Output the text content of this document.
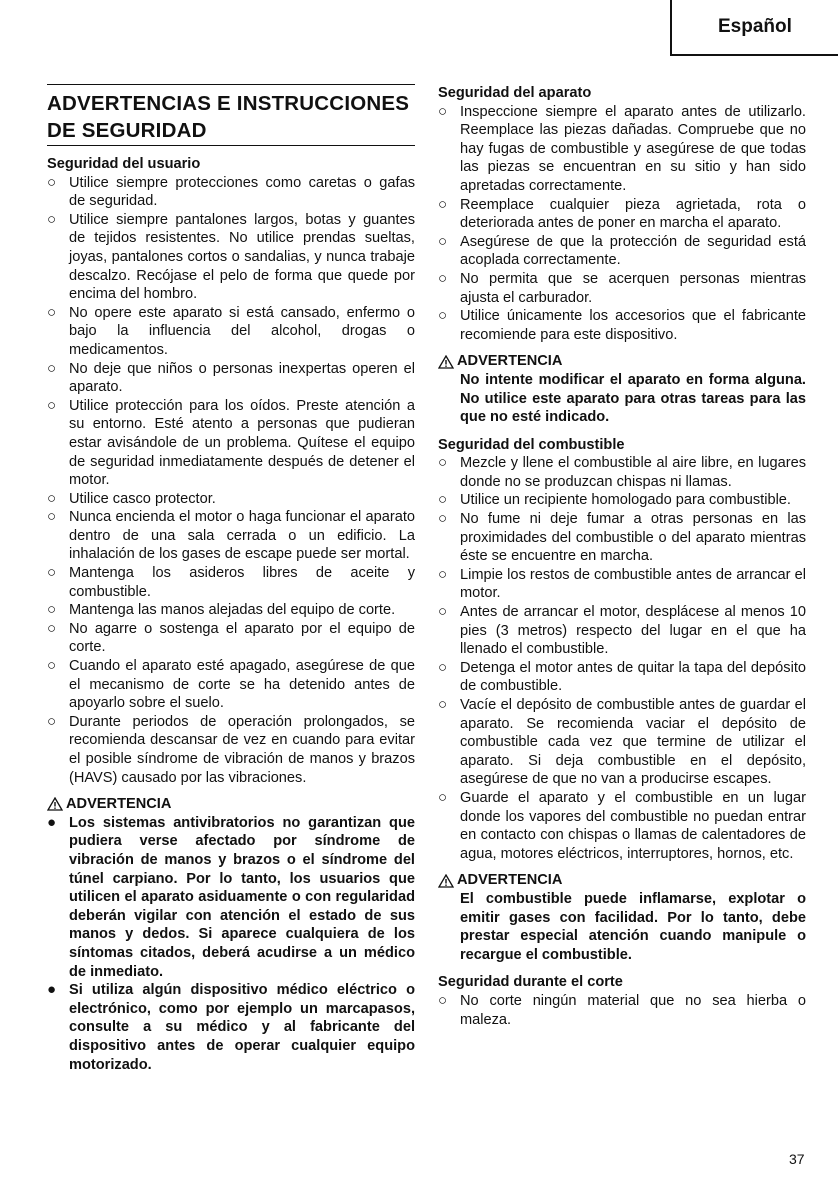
Español
ADVERTENCIAS E INSTRUCCIONES DE SEGURIDAD
Seguridad del usuario
○ Utilice siempre protecciones como caretas o gafas de seguridad.
○ Utilice siempre pantalones largos, botas y guantes de tejidos resistentes. No utilice prendas sueltas, joyas, pantalones cortos o sandalias, y nunca trabaje descalzo. Recójase el pelo de forma que quede por encima del hombro.
○ No opere este aparato si está cansado, enfermo o bajo la influencia del alcohol, drogas o medicamentos.
○ No deje que niños o personas inexpertas operen el aparato.
○ Utilice protección para los oídos. Preste atención a su entorno. Esté atento a personas que pudieran estar avisándole de un problema. Quítese el equipo de seguridad inmediatamente después de detener el motor.
○ Utilice casco protector.
○ Nunca encienda el motor o haga funcionar el aparato dentro de una sala cerrada o un edificio. La inhalación de los gases de escape puede ser mortal.
○ Mantenga los asideros libres de aceite y combustible.
○ Mantenga las manos alejadas del equipo de corte.
○ No agarre o sostenga el aparato por el equipo de corte.
○ Cuando el aparato esté apagado, asegúrese de que el mecanismo de corte se ha detenido antes de apoyarlo sobre el suelo.
○ Durante periodos de operación prolongados, se recomienda descansar de vez en cuando para evitar el posible síndrome de vibración de manos y brazos (HAVS) causado por las vibraciones.
ADVERTENCIA
● Los sistemas antivibratorios no garantizan que pudiera verse afectado por síndrome de vibración de manos y brazos o el síndrome del túnel carpiano. Por lo tanto, los usuarios que utilicen el aparato asiduamente o con regularidad deberán vigilar con atención el estado de sus manos y dedos. Si aparece cualquiera de los síntomas citados, deberá acudirse a un médico de inmediato.
● Si utiliza algún dispositivo médico eléctrico o electrónico, como por ejemplo un marcapasos, consulte a su médico y al fabricante del dispositivo antes de operar cualquier equipo motorizado.
Seguridad del aparato
○ Inspeccione siempre el aparato antes de utilizarlo. Reemplace las piezas dañadas. Compruebe que no hay fugas de combustible y asegúrese de que todas las piezas se encuentran en su sitio y han sido apretadas correctamente.
○ Reemplace cualquier pieza agrietada, rota o deteriorada antes de poner en marcha el aparato.
○ Asegúrese de que la protección de seguridad está acoplada correctamente.
○ No permita que se acerquen personas mientras ajusta el carburador.
○ Utilice únicamente los accesorios que el fabricante recomiende para este dispositivo.
ADVERTENCIA
No intente modificar el aparato en forma alguna. No utilice este aparato para otras tareas para las que no esté indicado.
Seguridad del combustible
○ Mezcle y llene el combustible al aire libre, en lugares donde no se produzcan chispas ni llamas.
○ Utilice un recipiente homologado para combustible.
○ No fume ni deje fumar a otras personas en las proximidades del combustible o del aparato mientras éste se encuentre en marcha.
○ Limpie los restos de combustible antes de arrancar el motor.
○ Antes de arrancar el motor, desplácese al menos 10 pies (3 metros) respecto del lugar en el que ha llenado el combustible.
○ Detenga el motor antes de quitar la tapa del depósito de combustible.
○ Vacíe el depósito de combustible antes de guardar el aparato. Se recomienda vaciar el depósito de combustible cada vez que termine de utilizar el aparato. Si deja combustible en el depósito, asegúrese de que no van a producirse escapes.
○ Guarde el aparato y el combustible en un lugar donde los vapores del combustible no puedan entrar en contacto con chispas o llamas de calentadores de agua, motores eléctricos, interruptores, hornos, etc.
ADVERTENCIA
El combustible puede inflamarse, explotar o emitir gases con facilidad. Por lo tanto, debe prestar especial atención cuando manipule o recargue el combustible.
Seguridad durante el corte
○ No corte ningún material que no sea hierba o maleza.
37
